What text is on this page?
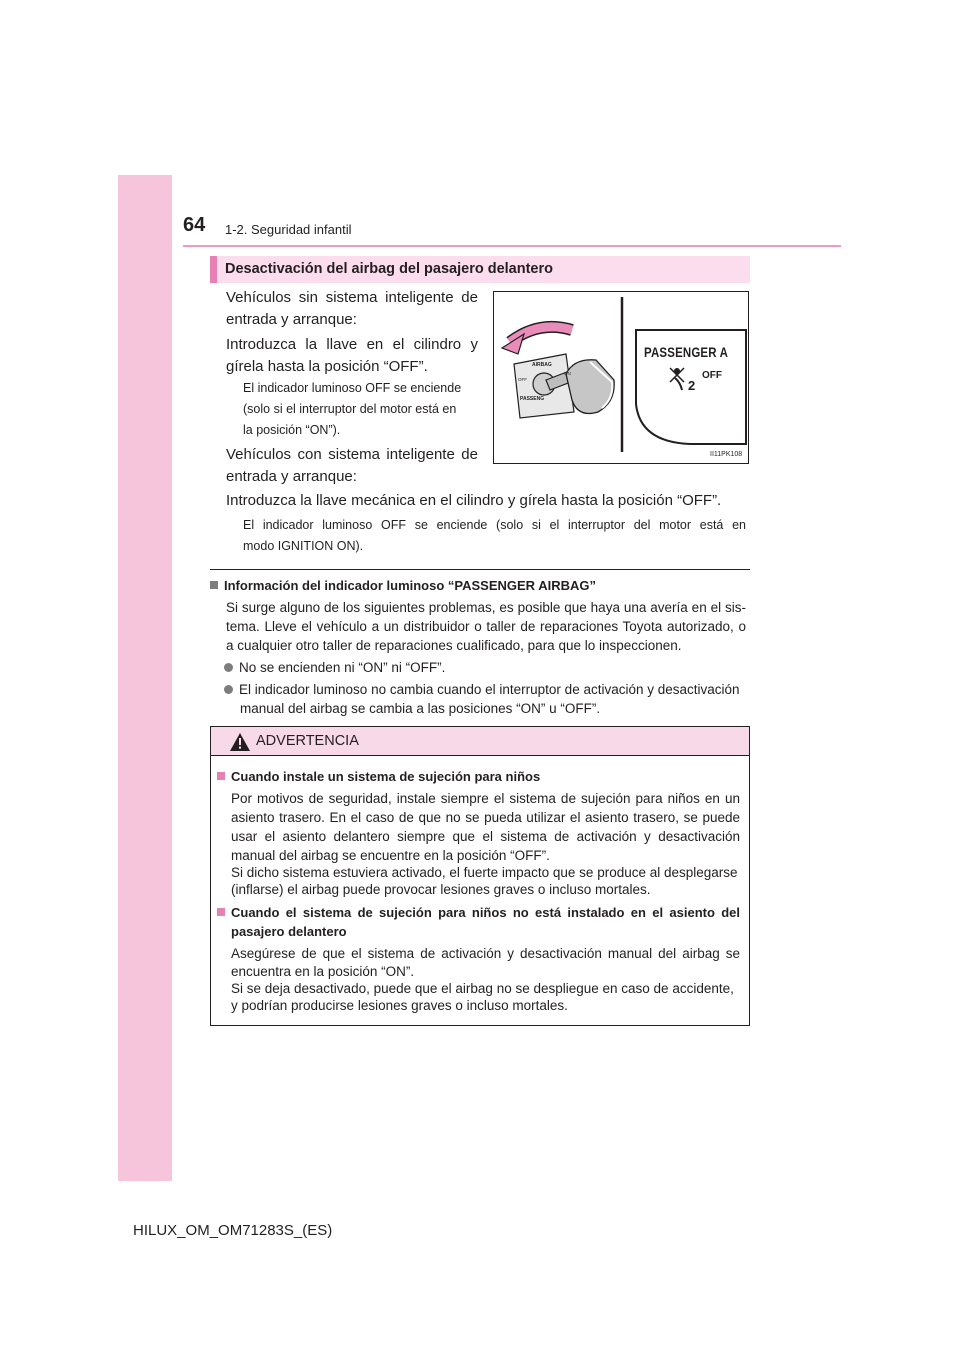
64 1-2. Seguridad infantil
Desactivación del airbag del pasajero delantero
Vehículos sin sistema inteligente de
entrada y arranque:
Introduzca la llave en el cilindro y
gírela hasta la posición “OFF”.
El indicador luminoso OFF se enciende
(solo si el interruptor del motor está en
la posición “ON”).
Vehículos con sistema inteligente de
entrada y arranque:
Introduzca la llave mecánica en el cilindro y gírela hasta la posición “OFF”.
El indicador luminoso OFF se enciende (solo si el interruptor del motor está en
modo IGNITION ON).
PASSENGER A
OFF
2
AIRBAG
OFF
ON
PASSENG
II11PK108
Información del indicador luminoso “PASSENGER AIRBAG”
Si surge alguno de los siguientes problemas, es posible que haya una avería en el sis-
tema. Lleve el vehículo a un distribuidor o taller de reparaciones Toyota autorizado, o
a cualquier otro taller de reparaciones cualificado, para que lo inspeccionen.
No se encienden ni “ON” ni “OFF”.
El indicador luminoso no cambia cuando el interruptor de activación y desactivación
manual del airbag se cambia a las posiciones “ON” u “OFF”.
ADVERTENCIA
Cuando instale un sistema de sujeción para niños
Por motivos de seguridad, instale siempre el sistema de sujeción para niños en un
asiento trasero. En el caso de que no se pueda utilizar el asiento trasero, se puede
usar el asiento delantero siempre que el sistema de activación y desactivación
manual del airbag se encuentre en la posición “OFF”.
Si dicho sistema estuviera activado, el fuerte impacto que se produce al desplegarse
(inflarse) el airbag puede provocar lesiones graves o incluso mortales.
Cuando el sistema de sujeción para niños no está instalado en el asiento del
pasajero delantero
Asegúrese de que el sistema de activación y desactivación manual del airbag se
encuentra en la posición “ON”.
Si se deja desactivado, puede que el airbag no se despliegue en caso de accidente,
y podrían producirse lesiones graves o incluso mortales.
HILUX_OM_OM71283S_(ES)
